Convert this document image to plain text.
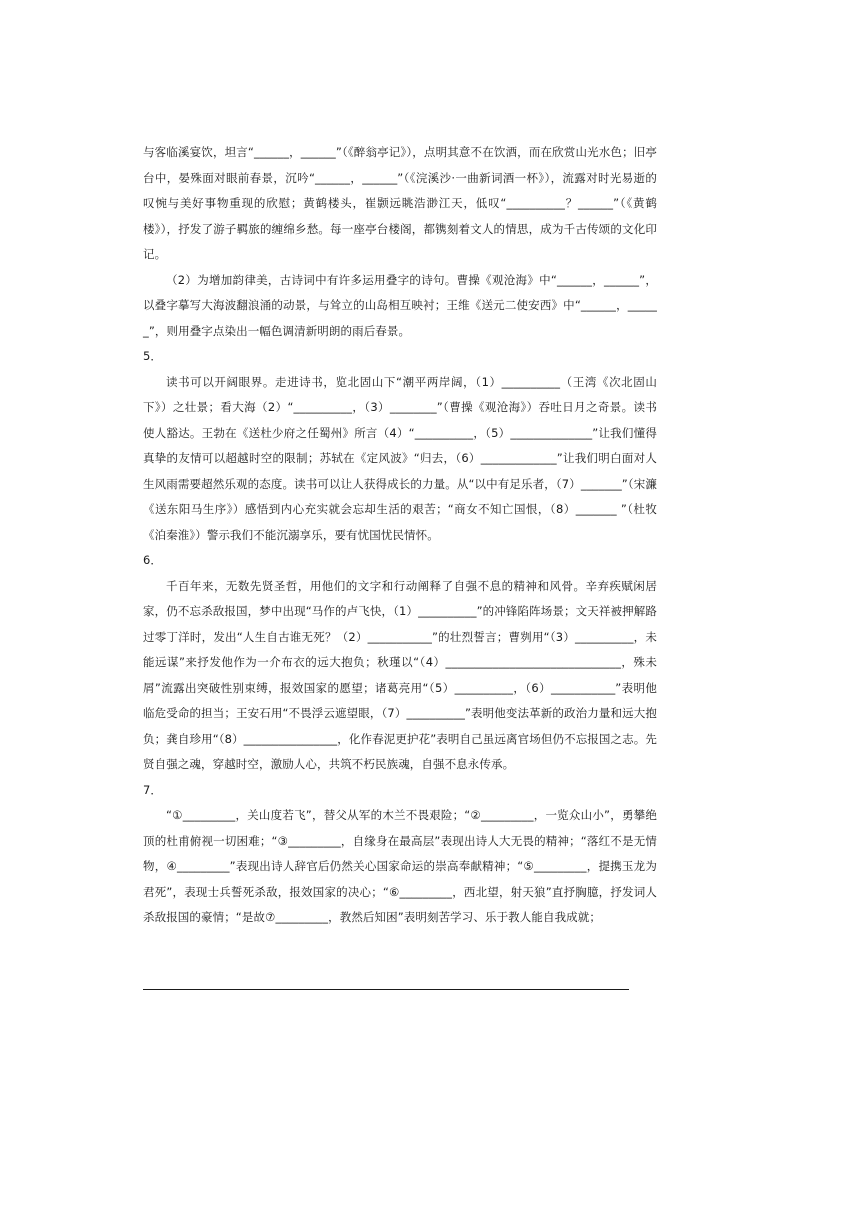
与客临溪宴饮，坦言“______，______”（《醉翁亭记》），点明其意不在饮酒，而在欣赏山光水色；旧亭台中，晏殊面对眼前春景，沉吟“______，______”（《浣溪沙·一曲新词酒一杯》），流露对时光易逝的叹惋与美好事物重现的欣慰；黄鹤楼头，崔颢远眺浩渺江天，低叹“__________？______”（《黄鹤楼》），抒发了游子羁旅的缠绵乡愁。每一座亭台楼阁，都镌刻着文人的情思，成为千古传颂的文化印记。

（2）为增加韵律美，古诗词中有许多运用叠字的诗句。曹操《观沧海》中“______，______”，以叠字摹写大海波翻浪涌的动景，与耸立的山岛相互映衬；王维《送元二使安西》中“______，______”，则用叠字点染出一幅色调清新明朗的雨后春景。

5．

读书可以开阔眼界。走进诗书，览北固山下“潮平两岸阔，（1）__________（王湾《次北固山下》）之壮景；看大海（2）“__________，（3）________”（曹操《观沧海》）吞吐日月之奇景。读书使人豁达。王勃在《送杜少府之任蜀州》所言（4）“__________，（5）______________”让我们懂得真挚的友情可以超越时空的限制；苏轼在《定风波》“归去，（6）_____________”让我们明白面对人生风雨需要超然乐观的态度。读书可以让人获得成长的力量。从“以中有足乐者，（7）_______”（宋濂《送东阳马生序》）感悟到内心充实就会忘却生活的艰苦；“商女不知亡国恨，（8）_______ ”（杜牧《泊秦淮》）警示我们不能沉溺享乐，要有忧国忧民情怀。

6．

千百年来，无数先贤圣哲，用他们的文字和行动阐释了自强不息的精神和风骨。辛弃疾赋闲居家，仍不忘杀敌报国，梦中出现“马作的卢飞快，（1）__________”的冲锋陷阵场景；文天祥被押解路过零丁洋时，发出“人生自古谁无死？（2）___________”的壮烈誓言；曹刿用“（3）__________，未能远谋”来抒发他作为一介布衣的远大抱负；秋瑾以“（4）______________________________，殊未屑”流露出突破性别束缚，报效国家的愿望；诸葛亮用“（5）__________，（6）___________”表明他临危受命的担当；王安石用“不畏浮云遮望眼，（7）__________”表明他变法革新的政治力量和远大抱负；龚自珍用“（8）________________，化作春泥更护花”表明自己虽远离官场但仍不忘报国之志。先贤自强之魂，穿越时空，激励人心，共筑不朽民族魂，自强不息永传承。

7．

“①_________，关山度若飞”，替父从军的木兰不畏艰险；“②_________，一览众山小”，勇攀绝顶的杜甫俯视一切困难；“③_________，自缘身在最高层”表现出诗人大无畏的精神；“落红不是无情物，④_________”表现出诗人辞官后仍然关心国家命运的崇高奉献精神；“⑤_________，提携玉龙为君死”，表现士兵誓死杀敌，报效国家的决心；“⑥_________，西北望，射天狼”直抒胸臆，抒发词人杀敌报国的豪情；“是故⑦_________，教然后知困”表明刻苦学习、乐于教人能自我成就；
